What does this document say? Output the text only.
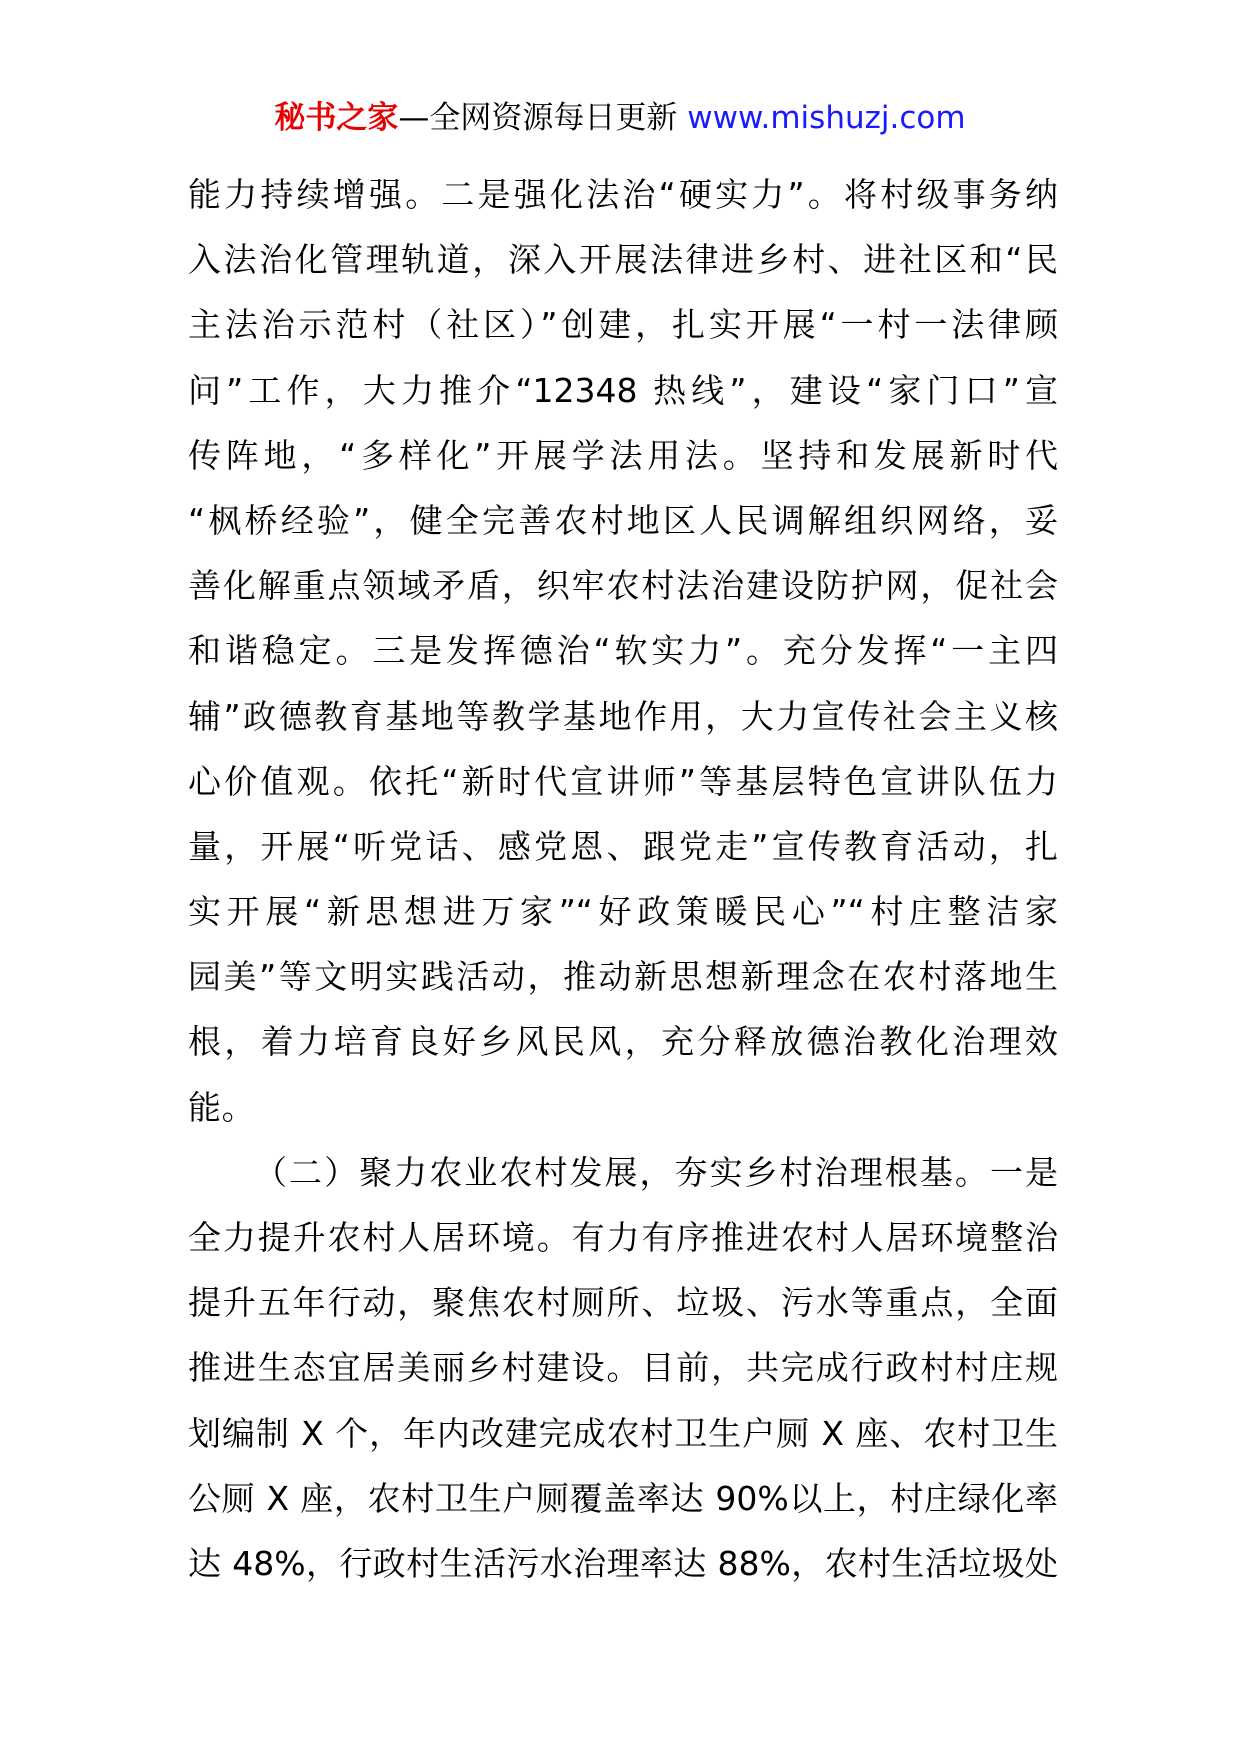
秘书之家—全网资源每日更新 www.mishuzj.com
能力持续增强。二是强化法治“硬实力”。将村级事务纳
入法治化管理轨道，深入开展法律进乡村、进社区和“民
主法治示范村（社区）”创建，扎实开展“一村一法律顾
问”工作，大力推介“12348 热线”，建设“家门口”宣
传阵地，“多样化”开展学法用法。坚持和发展新时代
“枫桥经验”，健全完善农村地区人民调解组织网络，妥
善化解重点领域矛盾，织牢农村法治建设防护网，促社会
和谐稳定。三是发挥德治“软实力”。充分发挥“一主四
辅”政德教育基地等教学基地作用，大力宣传社会主义核
心价值观。依托“新时代宣讲师”等基层特色宣讲队伍力
量，开展“听党话、感党恩、跟党走”宣传教育活动，扎
实开展“新思想进万家”“好政策暖民心”“村庄整洁家
园美”等文明实践活动，推动新思想新理念在农村落地生
根，着力培育良好乡风民风，充分释放德治教化治理效
能。
（二）聚力农业农村发展，夯实乡村治理根基。一是
全力提升农村人居环境。有力有序推进农村人居环境整治
提升五年行动，聚焦农村厕所、垃圾、污水等重点，全面
推进生态宜居美丽乡村建设。目前，共完成行政村村庄规
划编制 X 个，年内改建完成农村卫生户厕 X 座、农村卫生
公厕 X 座，农村卫生户厕覆盖率达 90%以上，村庄绿化率
达 48%，行政村生活污水治理率达 88%，农村生活垃圾处
